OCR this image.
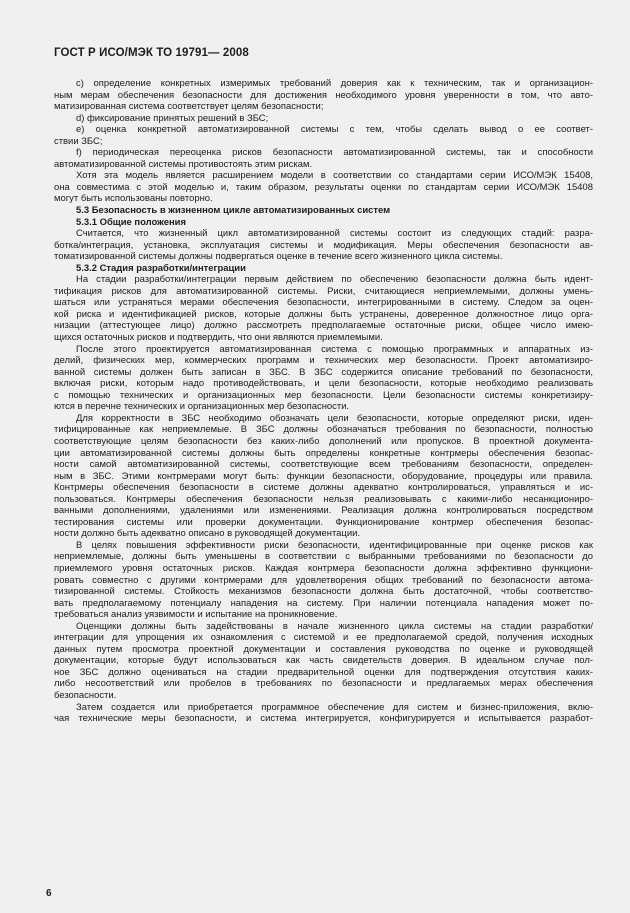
ГОСТ Р ИСО/МЭК ТО 19791— 2008
c) определение конкретных измеримых требований доверия как к техническим, так и организацион-
ным мерам обеспечения безопасности для достижения необходимого уровня уверенности в том, что авто-
матизированная система соответствует целям безопасности;
d) фиксирование принятых решений в ЗБС;
e) оценка конкретной автоматизированной системы с тем, чтобы сделать вывод о ее соответ-
ствии ЗБС;
f) периодическая переоценка рисков безопасности автоматизированной системы, так и способности
автоматизированной системы противостоять этим рискам.
Хотя эта модель является расширением модели в соответствии со стандартами серии ИСО/МЭК 15408,
она совместима с этой моделью и, таким образом, результаты оценки по стандартам серии ИСО/МЭК 15408
могут быть использованы повторно.
5.3 Безопасность в жизненном цикле автоматизированных систем
5.3.1 Общие положения
Считается, что жизненный цикл автоматизированной системы состоит из следующих стадий: разра-
ботка/интеграция, установка, эксплуатация системы и модификация. Меры обеспечения безопасности ав-
томатизированной системы должны подвергаться оценке в течение всего жизненного цикла системы.
5.3.2 Стадия разработки/интеграции
На стадии разработки/интеграции первым действием по обеспечению безопасности должна быть идент-
тификация рисков для автоматизированной системы. Риски, считающиеся неприемлемыми, должны умень-
шаться или устраняться мерами обеспечения безопасности, интегрированными в систему. Следом за оцен-
кой риска и идентификацией рисков, которые должны быть устранены, доверенное должностное лицо орга-
низации (аттестующее лицо) должно рассмотреть предполагаемые остаточные риски, общее число имею-
щихся остаточных рисков и подтвердить, что они являются приемлемыми.
После этого проектируется автоматизированная система с помощью программных и аппаратных из-
делий, физических мер, коммерческих программ и технических мер безопасности. Проект автоматизиро-
ванной системы должен быть записан в ЗБС. В ЗБС содержится описание требований по безопасности,
включая риски, которым надо противодействовать, и цели безопасности, которые необходимо реализовать
с помощью технических и организационных мер безопасности. Цели безопасности системы конкретизиру-
ются в перечне технических и организационных мер безопасности.
Для корректности в ЗБС необходимо обозначать цели безопасности, которые определяют риски, иден-
тифицированные как неприемлемые. В ЗБС должны обозначаться требования по безопасности, полностью
соответствующие целям безопасности без каких-либо дополнений или пропусков. В проектной документа-
ции автоматизированной системы должны быть определены конкретные контрмеры обеспечения безопас-
ности самой автоматизированной системы, соответствующие всем требованиям безопасности, определен-
ным в ЗБС. Этими контрмерами могут быть: функции безопасности, оборудование, процедуры или правила.
Контрмеры обеспечения безопасности в системе должны адекватно контролироваться, управляться и ис-
пользоваться. Контрмеры обеспечения безопасности нельзя реализовывать с какими-либо несанкциониро-
ванными дополнениями, удалениями или изменениями. Реализация должна контролироваться посредством
тестирования системы или проверки документации. Функционирование контрмер обеспечения безопас-
ности должно быть адекватно описано в руководящей документации.
В целях повышения эффективности риски безопасности, идентифицированные при оценке рисков как
неприемлемые, должны быть уменьшены в соответствии с выбранными требованиями по безопасности до
приемлемого уровня остаточных рисков. Каждая контрмера безопасности должна эффективно функциони-
ровать совместно с другими контрмерами для удовлетворения общих требований по безопасности автома-
тизированной системы. Стойкость механизмов безопасности должна быть достаточной, чтобы соответство-
вать предполагаемому потенциалу нападения на систему. При наличии потенциала нападения может по-
требоваться анализ уязвимости и испытание на проникновение.
Оценщики должны быть задействованы в начале жизненного цикла системы на стадии разработки/
интеграции для упрощения их ознакомления с системой и ее предполагаемой средой, получения исходных
данных путем просмотра проектной документации и составления руководства по оценке и руководящей
документации, которые будут использоваться как часть свидетельств доверия. В идеальном случае пол-
ное ЗБС должно оцениваться на стадии предварительной оценки для подтверждения отсутствия каких-
либо несоответствий или пробелов в требованиях по безопасности и предлагаемых мерах обеспечения
безопасности.
Затем создается или приобретается программное обеспечение для систем и бизнес-приложения, вклю-
чая технические меры безопасности, и система интегрируется, конфигурируется и испытывается разработ-
6
